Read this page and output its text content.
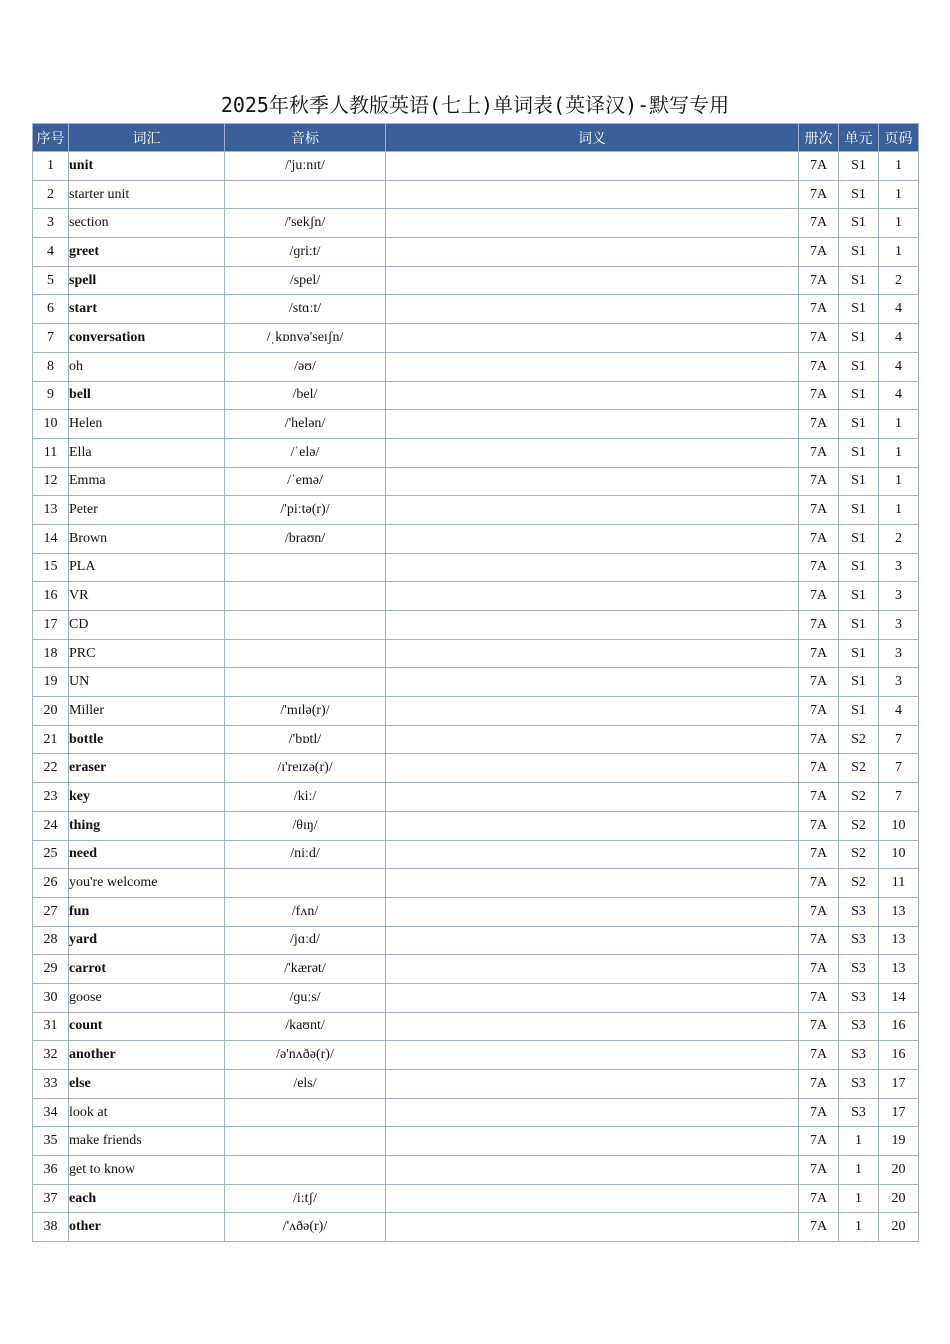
2025年秋季人教版英语(七上)单词表(英译汉)-默写专用
序号	词汇	音标	词义	册次	单元	页码
1	unit	/'juːnɪt/		7A	S1	1
2	starter unit			7A	S1	1
3	section	/'sekʃn/		7A	S1	1
4	greet	/ɡriːt/		7A	S1	1
5	spell	/spel/		7A	S1	2
6	start	/stɑːt/		7A	S1	4
7	conversation	/ˌkɒnvə'seɪʃn/		7A	S1	4
8	oh	/əʊ/		7A	S1	4
9	bell	/bel/		7A	S1	4
10	Helen	/'helən/		7A	S1	1
11	Ella	/ˈelə/		7A	S1	1
12	Emma	/ˈemə/		7A	S1	1
13	Peter	/'piːtə(r)/		7A	S1	1
14	Brown	/braʊn/		7A	S1	2
15	PLA			7A	S1	3
16	VR			7A	S1	3
17	CD			7A	S1	3
18	PRC			7A	S1	3
19	UN			7A	S1	3
20	Miller	/'mɪlə(r)/		7A	S1	4
21	bottle	/'bɒtl/		7A	S2	7
22	eraser	/ɪ'reɪzə(r)/		7A	S2	7
23	key	/kiː/		7A	S2	7
24	thing	/θɪŋ/		7A	S2	10
25	need	/niːd/		7A	S2	10
26	you're welcome			7A	S2	11
27	fun	/fʌn/		7A	S3	13
28	yard	/jɑːd/		7A	S3	13
29	carrot	/'kærət/		7A	S3	13
30	goose	/ɡuːs/		7A	S3	14
31	count	/kaʊnt/		7A	S3	16
32	another	/ə'nʌðə(r)/		7A	S3	16
33	else	/els/		7A	S3	17
34	look at			7A	S3	17
35	make friends			7A	1	19
36	get to know			7A	1	20
37	each	/iːtʃ/		7A	1	20
38	other	/'ʌðə(r)/		7A	1	20
